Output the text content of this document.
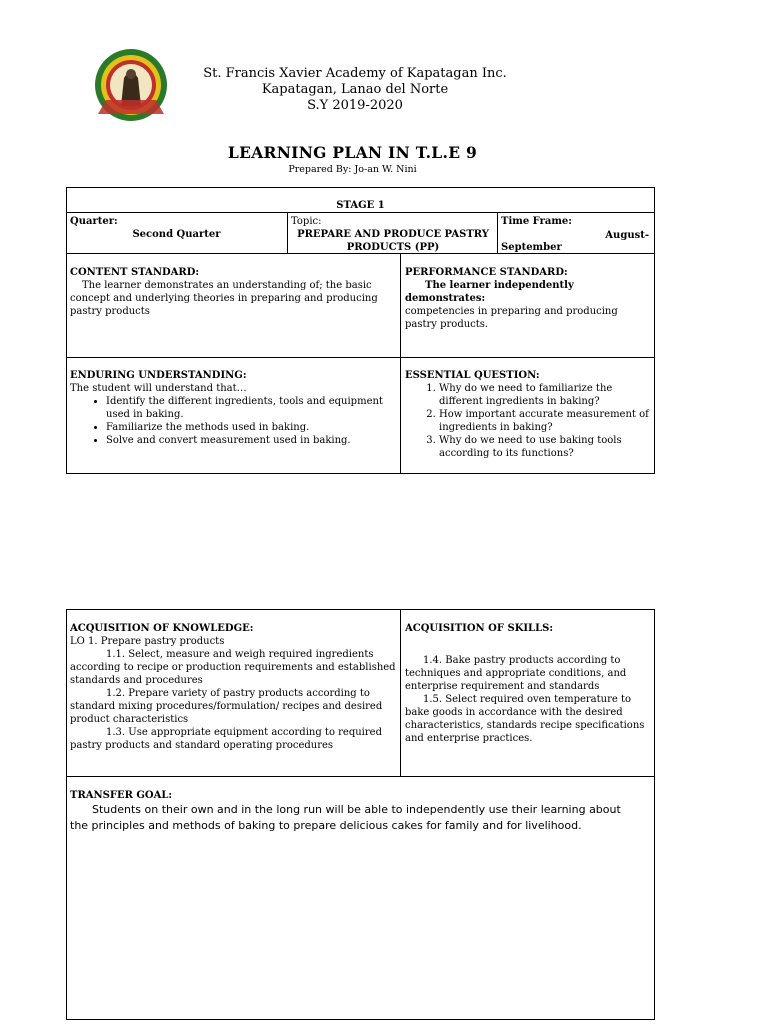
St. Francis Xavier Academy of Kapatagan Inc.
Kapatagan, Lanao del Norte
S.Y 2019-2020
LEARNING PLAN IN T.L.E 9
Prepared By: Jo-an W. Nini
STAGE 1
Quarter:
Second Quarter
Topic:
PREPARE AND PRODUCE PASTRY PRODUCTS (PP)
Time Frame:
August-
September
CONTENT STANDARD:
The learner demonstrates an understanding of; the basic concept and underlying theories in preparing and producing pastry products
PERFORMANCE STANDARD:
The learner independently demonstrates:
competencies in preparing and producing pastry products.
ENDURING UNDERSTANDING:
The student will understand that…
• Identify the different ingredients, tools and equipment used in baking.
• Familiarize the methods used in baking.
• Solve and convert measurement used in baking.
ESSENTIAL QUESTION:
1. Why do we need to familiarize the different ingredients in baking?
2. How important accurate measurement of ingredients in baking?
3. Why do we need to use baking tools according to its functions?
ACQUISITION OF KNOWLEDGE:
LO 1. Prepare pastry products
1.1. Select, measure and weigh required ingredients according to recipe or production requirements and established standards and procedures
1.2. Prepare variety of pastry products according to standard mixing procedures/formulation/ recipes and desired product characteristics
1.3. Use appropriate equipment according to required pastry products and standard operating procedures
ACQUISITION OF SKILLS:
1.4. Bake pastry products according to techniques and appropriate conditions, and enterprise requirement and standards
1.5. Select required oven temperature to bake goods in accordance with the desired characteristics, standards recipe specifications and enterprise practices.
TRANSFER GOAL:
Students on their own and in the long run will be able to independently use their learning about the principles and methods of baking to prepare delicious cakes for family and for livelihood.
